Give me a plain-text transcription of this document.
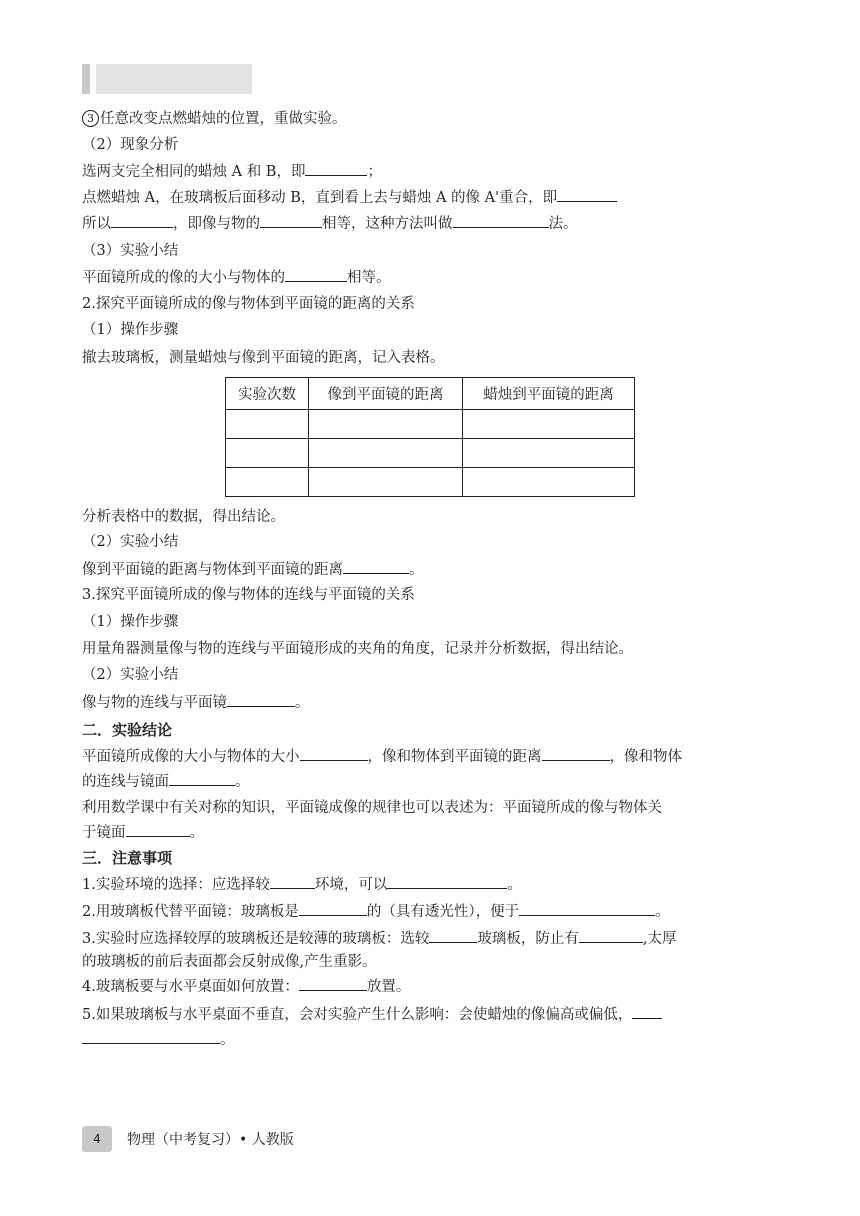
3 任意改变点燃蜡烛的位置，重做实验。
（2）现象分析
选两支完全相同的蜡烛 A 和 B，即	；
点燃蜡烛 A，在玻璃板后面移动 B，直到看上去与蜡烛 A 的像 A'重合，即
所以	，即像与物的	相等，这种方法叫做	法。
（3）实验小结
平面镜所成的像的大小与物体的	相等。
2.探究平面镜所成的像与物体到平面镜的距离的关系
（1）操作步骤
撤去玻璃板，测量蜡烛与像到平面镜的距离，记入表格。
实验次数	像到平面镜的距离	蜡烛到平面镜的距离

分析表格中的数据，得出结论。
（2）实验小结
像到平面镜的距离与物体到平面镜的距离	。
3.探究平面镜所成的像与物体的连线与平面镜的关系
（1）操作步骤
用量角器测量像与物的连线与平面镜形成的夹角的角度，记录并分析数据，得出结论。
（2）实验小结
像与物的连线与平面镜	。
二．实验结论
平面镜所成像的大小与物体的大小	，像和物体到平面镜的距离	，像和物体
的连线与镜面	。
利用数学课中有关对称的知识，平面镜成像的规律也可以表述为：平面镜所成的像与物体关
于镜面	。
三．注意事项
1.实验环境的选择：应选择较	环境，可以	。
2.用玻璃板代替平面镜：玻璃板是	的（具有透光性），便于	。
3.实验时应选择较厚的玻璃板还是较薄的玻璃板：选较	玻璃板，防止有	,太厚
的玻璃板的前后表面都会反射成像,产生重影。
4.玻璃板要与水平桌面如何放置：	放置。
5.如果玻璃板与水平桌面不垂直，会对实验产生什么影响：会使蜡烛的像偏高或偏低，
。
4	物理（中考复习）• 人教版
